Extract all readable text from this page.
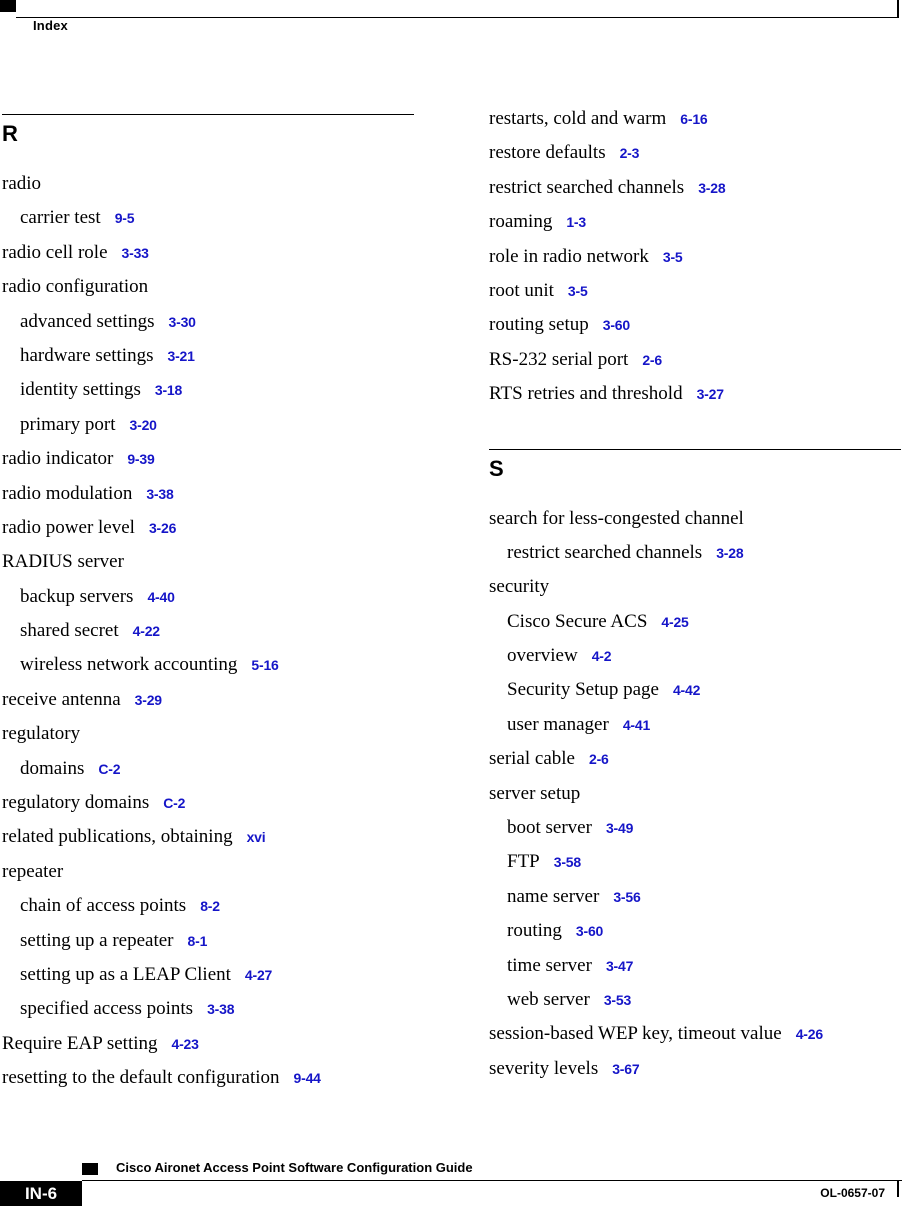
Index
R
radio
carrier test 9-5
radio cell role 3-33
radio configuration
advanced settings 3-30
hardware settings 3-21
identity settings 3-18
primary port 3-20
radio indicator 9-39
radio modulation 3-38
radio power level 3-26
RADIUS server
backup servers 4-40
shared secret 4-22
wireless network accounting 5-16
receive antenna 3-29
regulatory
domains C-2
regulatory domains C-2
related publications, obtaining xvi
repeater
chain of access points 8-2
setting up a repeater 8-1
setting up as a LEAP Client 4-27
specified access points 3-38
Require EAP setting 4-23
resetting to the default configuration 9-44
restarts, cold and warm 6-16
restore defaults 2-3
restrict searched channels 3-28
roaming 1-3
role in radio network 3-5
root unit 3-5
routing setup 3-60
RS-232 serial port 2-6
RTS retries and threshold 3-27
S
search for less-congested channel
restrict searched channels 3-28
security
Cisco Secure ACS 4-25
overview 4-2
Security Setup page 4-42
user manager 4-41
serial cable 2-6
server setup
boot server 3-49
FTP 3-58
name server 3-56
routing 3-60
time server 3-47
web server 3-53
session-based WEP key, timeout value 4-26
severity levels 3-67
Cisco Aironet Access Point Software Configuration Guide
IN-6	OL-0657-07
